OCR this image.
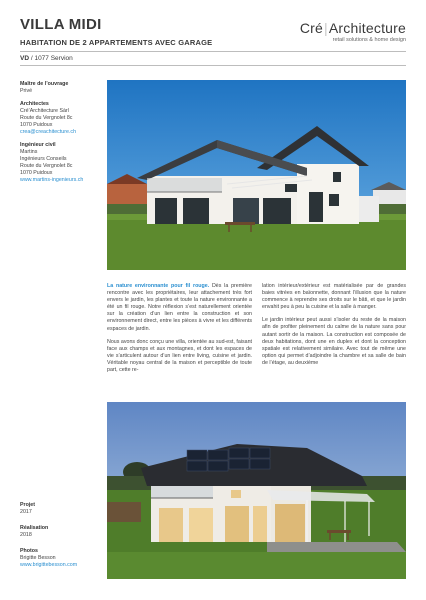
VILLA MIDI
HABITATION DE 2 APPARTEMENTS AVEC GARAGE
VD / 1077 Servion
Cré|Architecture
retail solutions & home design
Maître de l’ouvrage
Privé
Architectes
Cré’Architecture Sàrl
Route du Vergnolet 8c
1070 Puidoux
crea@creachitecture.ch
Ingénieur civil
Martins
Ingénieurs Conseils
Route du Vergnolet 8c
1070 Puidoux
www.martins-ingenieurs.ch

La nature environnante pour fil rouge. Dès la première rencontre avec les propriétaires, leur attachement très fort envers le jardin, les plantes et toute la nature environnante a été un fil rouge. Notre réflexion s’est naturellement orientée sur la création d’un lien entre la construction et son environnement direct, entre les pièces à vivre et les différents espaces de jardin.

Nous avons donc conçu une villa, orientée au sud-est, faisant face aux champs et aux montagnes, et dont les espaces de vie s’articulent autour d’un lien entre living, cuisine et jardin. Véritable noyau central de la maison et perceptible de toute part, cette re-

lation intérieur/extérieur est matérialisée par de grandes baies vitrées en baïonnette, donnant l’illusion que la nature commence à reprendre ses droits sur le bâti, et que le jardin envahit peu à peu la cuisine et la salle à manger.

Le jardin intérieur peut aussi s’isoler du reste de la maison afin de profiter pleinement du calme de la nature sans pour autant sortir de la maison. La construction est composée de deux habitations, dont une en duplex et dont la conception spatiale est relativement similaire. Avec tout de même une option qui permet d’adjoindre la chambre et sa salle de bain de l’étage, au deuxième

Projet
2017
Réalisation
2018
Photos
Brigitte Besson
www.brigittebesson.com
